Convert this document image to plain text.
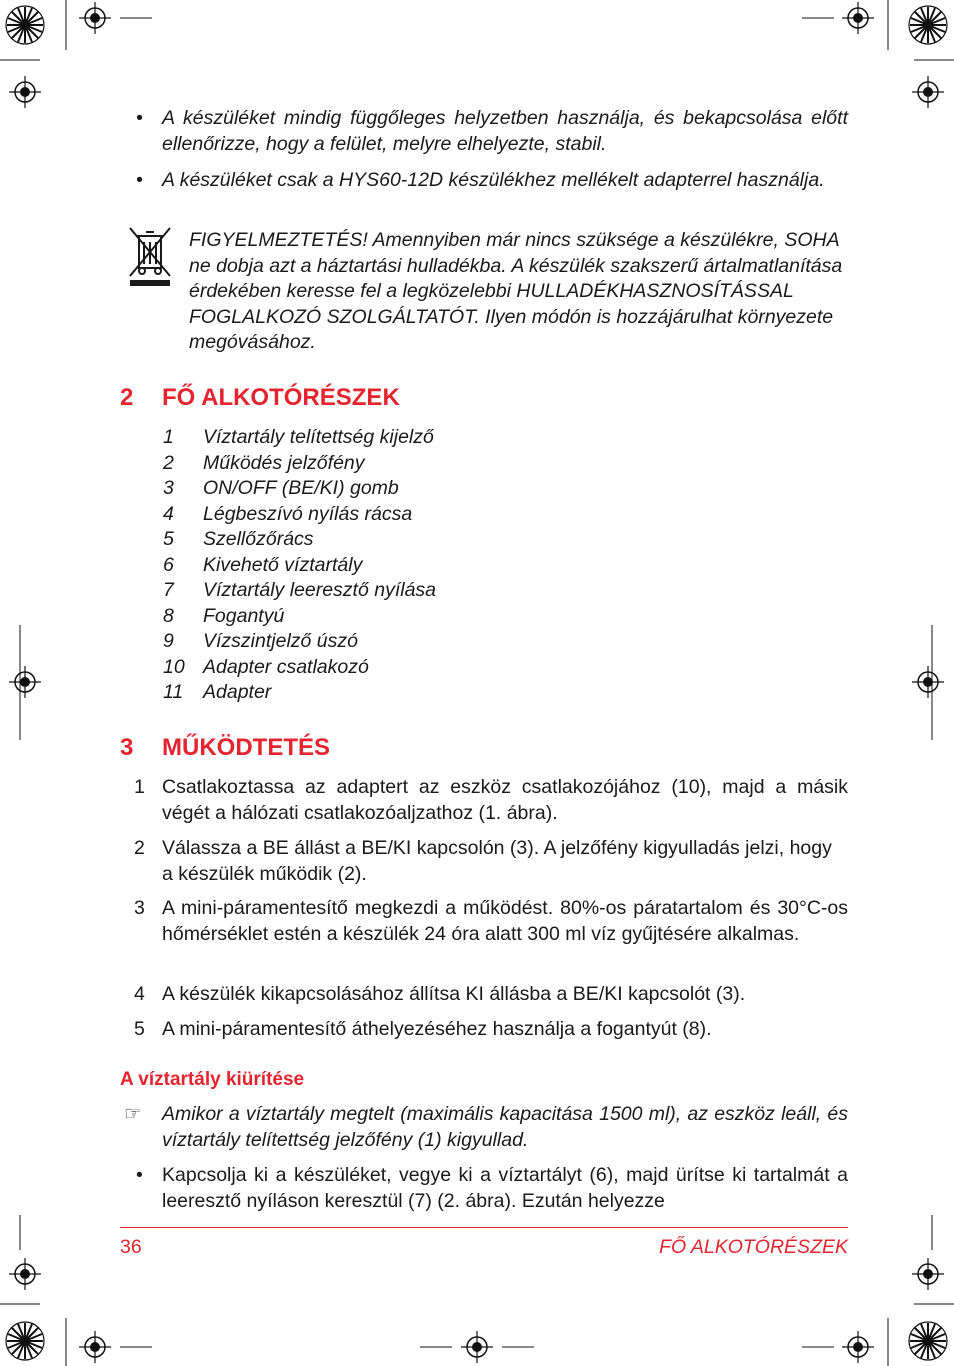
• A készüléket mindig függőleges helyzetben használja, és bekapcsolása előtt ellenőrizze, hogy a felület, melyre elhelyezte, stabil.
• A készüléket csak a HYS60-12D készülékhez mellékelt adapterrel használja.
FIGYELMEZTETÉS! Amennyiben már nincs szüksége a készülékre, SOHA ne dobja azt a háztartási hulladékba. A készülék szakszerű ártalmatlanítása érdekében keresse fel a legközelebbi HULLADÉKHASZNOSÍTÁSSAL FOGLALKOZÓ SZOLGÁLTATÓT. Ilyen módón is hozzájárulhat környezete megóvásához.
2 FŐ ALKOTÓRÉSZEK
1	Víztartály telítettség kijelző
2	Működés jelzőfény
3	ON/OFF (BE/KI) gomb
4	Légbeszívó nyílás rácsa
5	Szellőzőrács
6	Kivehető víztartály
7	Víztartály leeresztő nyílása
8	Fogantyú
9	Vízszintjelző úszó
10 Adapter csatlakozó
11	Adapter
3 MŰKÖDTETÉS
1 Csatlakoztassa az adaptert az eszköz csatlakozójához (10), majd a másik végét a hálózati csatlakozóaljzathoz (1. ábra).
2 Válassza a BE állást a BE/KI kapcsolón (3). A jelzőfény kigyulladás jelzi, hogy a készülék működik (2).
3 A mini-páramentesítő megkezdi a működést. 80%-os páratartalom és 30°C-os hőmérséklet estén a készülék 24 óra alatt 300 ml víz gyűjtésére alkalmas.
4 A készülék kikapcsolásához állítsa KI állásba a BE/KI kapcsolót (3).
5 A mini-páramentesítő áthelyezéséhez használja a fogantyút (8).
A víztartály kiürítése
☞	Amikor a víztartály megtelt (maximális kapacitása 1500 ml), az eszköz leáll, és víztartály telítettség jelzőfény (1) kigyullad.
• Kapcsolja ki a készüléket, vegye ki a víztartályt (6), majd ürítse ki tartalmát a leeresztő nyíláson keresztül (7) (2. ábra). Ezután helyezze
36	FŐ ALKOTÓRÉSZEK
